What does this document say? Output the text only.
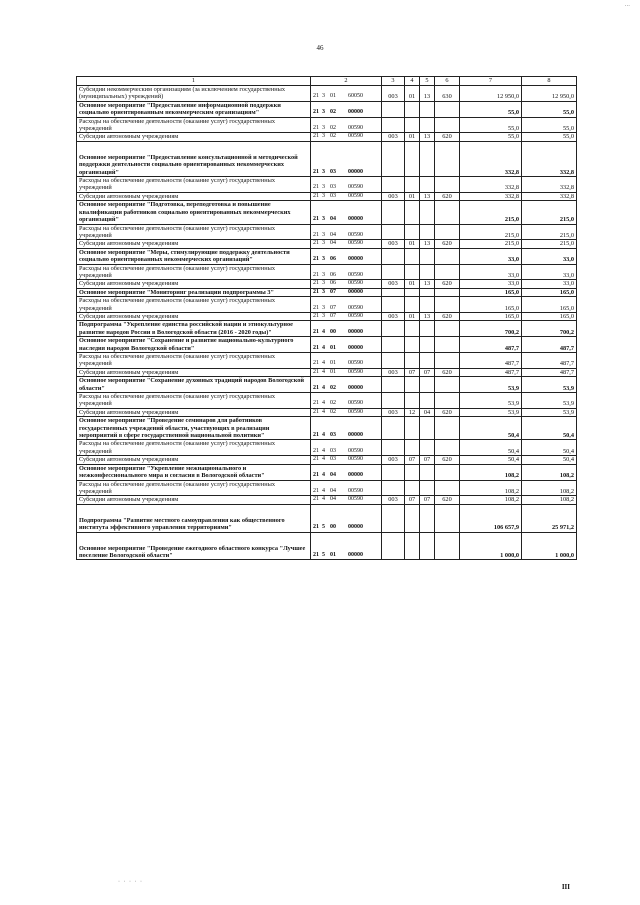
...
46
1	2	3	4	5	6	7	8
Субсидии некоммерческим организациям (за исключением государственных (муниципальных) учреждений)	21 3 01 60050	003	01	13	630	12 950,0	12 950,0
Основное мероприятие "Предоставление информационной поддержки социально ориентированным некоммерческим организациям"	21 3 02 00000					55,0	55,0
Расходы на обеспечение деятельности (оказание услуг) государственных учреждений	21 3 02 00590					55,0	55,0
Субсидии автономным учреждениям	21 3 02 00590	003	01	13	620	55,0	55,0
Основное мероприятие "Предоставление консультационной и методической поддержки деятельности социально ориентированных некоммерческих организаций"	21 3 03 00000					332,8	332,8
Расходы на обеспечение деятельности (оказание услуг) государственных учреждений	21 3 03 00590					332,8	332,8
Субсидии автономным учреждениям	21 3 03 00590	003	01	13	620	332,8	332,8
Основное мероприятие "Подготовка, переподготовка и повышение квалификации работников социально ориентированных некоммерческих организаций"	21 3 04 00000					215,0	215,0
Расходы на обеспечение деятельности (оказание услуг) государственных учреждений	21 3 04 00590					215,0	215,0
Субсидии автономным учреждениям	21 3 04 00590	003	01	13	620	215,0	215,0
Основное мероприятие "Меры, стимулирующие поддержку деятельности социально ориентированных некоммерческих организаций"	21 3 06 00000					33,0	33,0
Расходы на обеспечение деятельности (оказание услуг) государственных учреждений	21 3 06 00590					33,0	33,0
Субсидии автономным учреждениям	21 3 06 00590	003	01	13	620	33,0	33,0
Основное мероприятие "Мониторинг реализации подпрограммы 3"	21 3 07 00000					165,0	165,0
Расходы на обеспечение деятельности (оказание услуг) государственных учреждений	21 3 07 00590					165,0	165,0
Субсидии автономным учреждениям	21 3 07 00590	003	01	13	620	165,0	165,0
Подпрограмма "Укрепление единства российской нации и этнокультурное развитие народов России в Вологодской области (2016 - 2020 годы)"	21 4 00 00000					700,2	700,2
Основное мероприятие "Сохранение и развитие национально-культурного наследия народов Вологодской области"	21 4 01 00000					487,7	487,7
Расходы на обеспечение деятельности (оказание услуг) государственных учреждений	21 4 01 00590					487,7	487,7
Субсидии автономным учреждениям	21 4 01 00590	003	07	07	620	487,7	487,7
Основное мероприятие "Сохранение духовных традиций народов Вологодской области"	21 4 02 00000					53,9	53,9
Расходы на обеспечение деятельности (оказание услуг) государственных учреждений	21 4 02 00590					53,9	53,9
Субсидии автономным учреждениям	21 4 02 00590	003	12	04	620	53,9	53,9
Основное мероприятие "Проведение семинаров для работников государственных учреждений области, участвующих в реализации мероприятий в сфере государственной национальной политики"	21 4 03 00000					50,4	50,4
Расходы на обеспечение деятельности (оказание услуг) государственных учреждений	21 4 03 00590					50,4	50,4
Субсидии автономным учреждениям	21 4 03 00590	003	07	07	620	50,4	50,4
Основное мероприятие "Укрепление межнационального и межконфессионального мира и согласия в Вологодской области"	21 4 04 00000					108,2	108,2
Расходы на обеспечение деятельности (оказание услуг) государственных учреждений	21 4 04 00590					108,2	108,2
Субсидии автономным учреждениям	21 4 04 00590	003	07	07	620	108,2	108,2
Подпрограмма "Развитие местного самоуправления как общественного института эффективного управления территориями"	21 5 00 00000					106 657,9	25 971,2
Основное мероприятие "Проведение ежегодного областного конкурса "Лучшее поселение Вологодской области"	21 5 01 00000					1 000,0	1 000,0
· · · · ·
III
